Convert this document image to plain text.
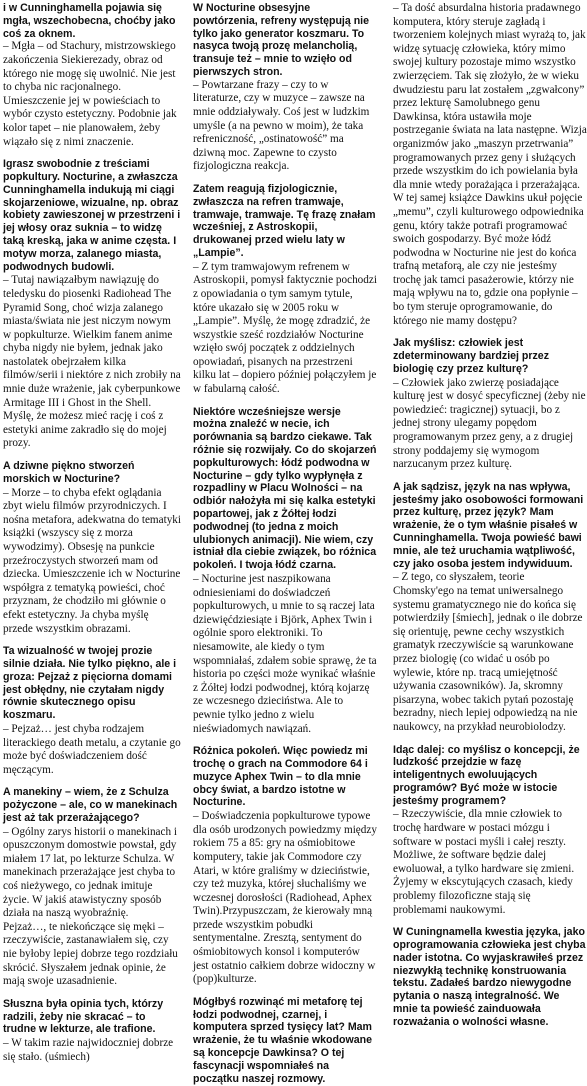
i w Cunninghamella pojawia się mgła, wszechobecna, choćby jako coś za oknem.

– Mgła – od Stachury, mistrzowskiego zakończenia Siekierezady, obraz od którego nie mogę się uwolnić. Nie jest to chyba nic racjonalnego. Umieszczenie jej w powieściach to wybór czysto estetyczny. Podobnie jak kolor tapet – nie planowałem, żeby wiązało się z nimi znaczenie.

Igrasz swobodnie z treściami popkultury. Nocturine, a zwłaszcza Cunninghamella indukują mi ciągi skojarzeniowe, wizualne, np. obraz kobiety zawieszonej w przestrzeni i jej włosy oraz suknia – to widzę taką kreską, jaka w anime częsta. I motyw morza, zalanego miasta, podwodnych budowli.

– Tutaj nawiązałbym nawiązuję do teledysku do piosenki Radiohead The Pyramid Song, choć wizja zalanego miasta/świata nie jest niczym nowym w popkulturze. Wielkim fanem anime chyba nigdy nie byłem, jednak jako nastolatek obejrzałem kilka filmów/serii i niektóre z nich zrobiły na mnie duże wrażenie, jak cyberpunkowe Armitage III i Ghost in the Shell. Myślę, że możesz mieć rację i coś z estetyki anime zakradło się do mojej prozy.

A dziwne piękno stworzeń morskich w Nocturine?

– Morze – to chyba efekt oglądania zbyt wielu filmów przyrodniczych. I nośna metafora, adekwatna do tematyki książki (wszyscy się z morza wywodzimy). Obsesję na punkcie przeźroczystych stworzeń mam od dziecka. Umieszczenie ich w Nocturine współgra z tematyką powieści, choć przyznam, że chodziło mi głównie o efekt estetyczny. Ja chyba myślę przede wszystkim obrazami.

Ta wizualność w twojej prozie silnie działa. Nie tylko piękno, ale i groza: Pejzaż z pięciorna domami jest obłędny, nie czytałam nigdy równie skutecznego opisu koszmaru.

– Pejzaż… jest chyba rodzajem literackiego death metalu, a czytanie go może być doświadczeniem dość męczącym.

A manekiny – wiem, że z Schulza pożyczone – ale, co w manekinach jest aż tak przerażającego?

– Ogólny zarys historii o manekinach i opuszczonym domostwie powstał, gdy miałem 17 lat, po lekturze Schulza. W manekinach przerażające jest chyba to coś nieżywego, co jednak imituje życie. W jakiś atawistyczny sposób działa na naszą wyobraźnię.

Pejzaż…, te niekończące się męki – rzeczywiście, zastanawiałem się, czy nie byłoby lepiej dobrze tego rozdziału skrócić. Słyszałem jednak opinie, że mają swoje uzasadnienie.

Słuszna była opinia tych, którzy radzili, żeby nie skracać – to trudne w lekturze, ale trafione.

– W takim razie najwidoczniej dobrze się stało. (uśmiech)

W Nocturine obsesyjne powtórzenia, refreny występują nie tylko jako generator koszmaru. To nasyca twoją prozę melancholią, transuje też – mnie to wzięło od pierwszych stron.

– Powtarzane frazy – czy to w literaturze, czy w muzyce – zawsze na mnie oddziaływały. Coś jest w ludzkim umyśle (a na pewno w moim), że taka refreniczność, „ostinatowość” ma dziwną moc. Zapewne to czysto fizjologiczna reakcja.

Zatem reagują fizjologicznie, zwłaszcza na refren tramwaje, tramwaje, tramwaje. Tę frazę znałam wcześniej, z Astroskopii, drukowanej przed wielu laty w „Lampie”.

– Z tym tramwajowym refrenem w Astroskopii, pomysł faktycznie pochodzi z opowiadania o tym samym tytule, które ukazało się w 2005 roku w „Lampie”. Myślę, że mogę zdradzić, że wszystkie sześć rozdziałów Nocturine wzięło swój początek z oddzielnych opowiadań, pisanych na przestrzeni kilku lat – dopiero później połączyłem je w fabularną całość.

Niektóre wcześniejsze wersje można znaleźć w necie, ich porównania są bardzo ciekawe. Tak różnie się rozwijały. Co do skojarzeń popkulturowych: łódź podwodna w Nocturine – gdy tylko wypłynęła z rozpadliny w Placu Wolności – na odbiór nałożyła mi się kalka estetyki popartowej, jak z Żółtej łodzi podwodnej (to jedna z moich ulubionych animacji). Nie wiem, czy istniał dla ciebie związek, bo różnica pokoleń. I twoja łódź czarna.

– Nocturine jest naszpikowana odniesieniami do doświadczeń popkulturowych, u mnie to są raczej lata dziewięćdziesiąte i Björk, Aphex Twin i ogólnie sporo elektroniki. To niesamowite, ale kiedy o tym wspomniałaś, zdałem sobie sprawę, że ta historia po części może wynikać właśnie z Żółtej łodzi podwodnej, którą kojarzę ze wczesnego dzieciństwa. Ale to pewnie tylko jedno z wielu nieświadomych nawiązań.

Różnica pokoleń. Więc powiedz mi trochę o grach na Commodore 64 i muzyce Aphex Twin – to dla mnie obcy świat, a bardzo istotne w Nocturine.

– Doświadczenia popkulturowe typowe dla osób urodzonych powiedzmy między rokiem 75 a 85: gry na ośmiobitowe komputery, takie jak Commodore czy Atari, w które graliśmy w dzieciństwie, czy też muzyka, której słuchaliśmy we wczesnej dorosłości (Radiohead, Aphex Twin).Przypuszczam, że kierowały mną przede wszystkim pobudki sentymentalne. Zresztą, sentyment do ośmiobitowych konsol i komputerów jest ostatnio całkiem dobrze widoczny w (pop)kulturze.

Mógłbyś rozwinąć mi metaforę tej łodzi podwodnej, czarnej, i komputera sprzed tysięcy lat? Mam wrażenie, że tu właśnie wkodowane są koncepcje Dawkinsa? O tej fascynacji wspomniałeś na początku naszej rozmowy.

– Ta dość absurdalna historia pradawnego komputera, który steruje zagładą i tworzeniem kolejnych miast wyrażą to, jak widzę sytuację człowieka, który mimo swojej kultury pozostaje mimo wszystko zwierzęciem. Tak się złożyło, że w wieku dwudziestu paru lat zostałem „zgwałcony” przez lekturę Samolubnego genu Dawkinsa, która ustawiła moje postrzeganie świata na lata następne. Wizja organizmów jako „maszyn przetrwania” programowanych przez geny i służących przede wszystkim do ich powielania była dla mnie wtedy porażająca i przerażająca. W tej samej książce Dawkins ukuł pojęcie „memu”, czyli kulturowego odpowiednika genu, który także potrafi programować swoich gospodarzy. Być może łódź podwodna w Nocturine nie jest do końca trafną metaforą, ale czy nie jesteśmy trochę jak tamci pasażerowie, którzy nie mają wpływu na to, gdzie ona popłynie – bo tym steruje oprogramowanie, do którego nie mamy dostępu?

Jak myślisz: człowiek jest zdeterminowany bardziej przez biologię czy przez kulturę?

– Człowiek jako zwierzę posiadające kulturę jest w dosyć specyficznej (żeby nie powiedzieć: tragicznej) sytuacji, bo z jednej strony ulegamy popędom programowanym przez geny, a z drugiej strony poddajemy się wymogom narzucanym przez kulturę.

A jak sądzisz, język na nas wpływa, jesteśmy jako osobowości formowani przez kulturę, przez język? Mam wrażenie, że o tym właśnie pisałeś w Cunninghamella. Twoja powieść bawi mnie, ale też uruchamia wątpliwość, czy jako osoba jestem indywiduum.

– Z tego, co słyszałem, teorie Chomsky'ego na temat uniwersalnego systemu gramatycznego nie do końca się potwierdziły [śmiech], jednak o ile dobrze się orientuję, pewne cechy wszystkich gramatyk rzeczywiście są warunkowane przez biologię (co widać u osób po wylewie, które np. tracą umiejętność używania czasowników). Ja, skromny pisarzyna, wobec takich pytań pozostaję bezradny, niech lepiej odpowiedzą na nie naukowcy, na przykład neurobiolodzy.

Idąc dalej: co myślisz o koncepcji, że ludzkość przejdzie w fazę inteligentnych ewoluujących programów? Być może w istocie jesteśmy programem?

– Rzeczywiście, dla mnie człowiek to trochę hardware w postaci mózgu i software w postaci myśli i całej reszty. Możliwe, że software będzie dalej ewoluował, a tylko hardware się zmieni. Żyjemy w ekscytujących czasach, kiedy problemy filozoficzne stają się problemami naukowymi.

W Cuningnamella kwestia języka, jako oprogramowania człowieka jest chyba nader istotna. Co wyjaskrawiłeś przez niezwykłą technikę konstruowania tekstu. Zadałeś bardzo niewygodne pytania o naszą integralność. We mnie ta powieść zainduowała rozważania o wolności własne.
